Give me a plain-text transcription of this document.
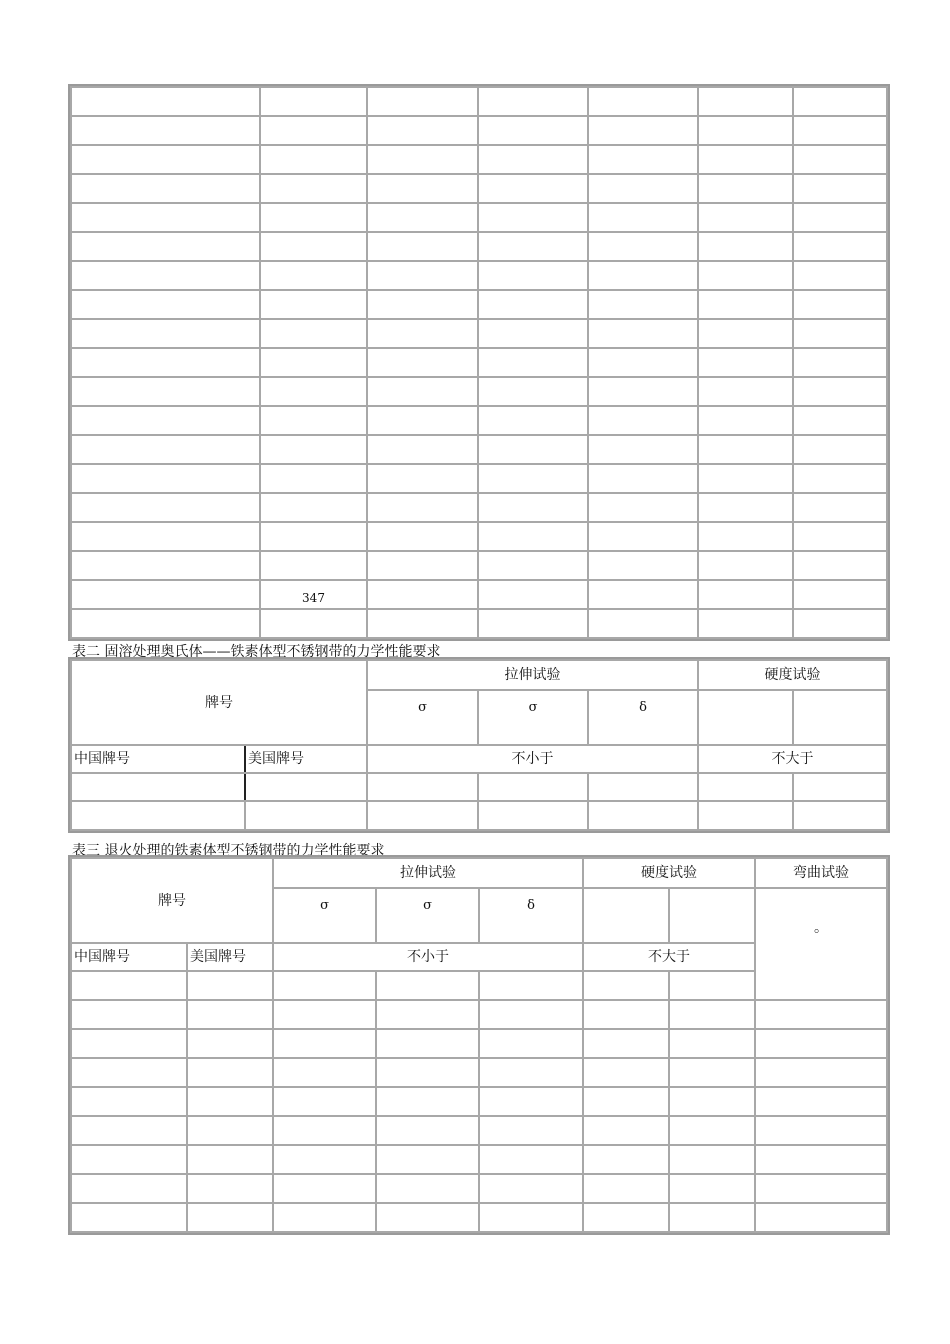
	347					

表二 固溶处理奥氏体——铁素体型不锈钢带的力学性能要求
牌号		拉伸试验			硬度试验	
		σ	σ	δ		

中国牌号	美国牌号	不小于			不大于	

表三 退火处理的铁素体型不锈钢带的力学性能要求
牌号		拉伸试验			硬度试验		弯曲试验	
		σ	σ	δ			。	

中国牌号	美国牌号	不小于			不大于			
